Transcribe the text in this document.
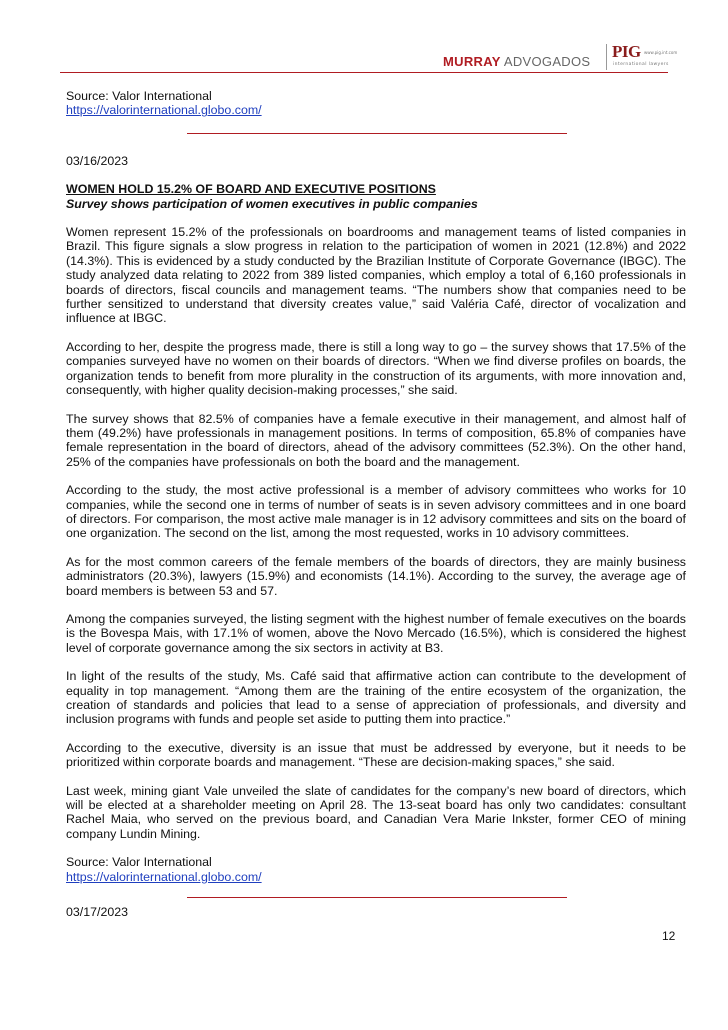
MURRAY ADVOGADOS
PIG www.pig.int.com
international lawyers

Source: Valor International

https://valorinternational.globo.com/

03/16/2023

WOMEN HOLD 15.2% OF BOARD AND EXECUTIVE POSITIONS

Survey shows participation of women executives in public companies

Women represent 15.2% of the professionals on boardrooms and management teams of listed companies in Brazil. This figure signals a slow progress in relation to the participation of women in 2021 (12.8%) and 2022 (14.3%). This is evidenced by a study conducted by the Brazilian Institute of Corporate Governance (IBGC). The study analyzed data relating to 2022 from 389 listed companies, which employ a total of 6,160 professionals in boards of directors, fiscal councils and management teams. “The numbers show that companies need to be further sensitized to understand that diversity creates value,” said Valéria Café, director of vocalization and influence at IBGC.

According to her, despite the progress made, there is still a long way to go – the survey shows that 17.5% of the companies surveyed have no women on their boards of directors. “When we find diverse profiles on boards, the organization tends to benefit from more plurality in the construction of its arguments, with more innovation and, consequently, with higher quality decision-making processes,” she said.

The survey shows that 82.5% of companies have a female executive in their management, and almost half of them (49.2%) have professionals in management positions. In terms of composition, 65.8% of companies have female representation in the board of directors, ahead of the advisory committees (52.3%). On the other hand, 25% of the companies have professionals on both the board and the management.

According to the study, the most active professional is a member of advisory committees who works for 10 companies, while the second one in terms of number of seats is in seven advisory committees and in one board of directors. For comparison, the most active male manager is in 12 advisory committees and sits on the board of one organization. The second on the list, among the most requested, works in 10 advisory committees.

As for the most common careers of the female members of the boards of directors, they are mainly business administrators (20.3%), lawyers (15.9%) and economists (14.1%). According to the survey, the average age of board members is between 53 and 57.

Among the companies surveyed, the listing segment with the highest number of female executives on the boards is the Bovespa Mais, with 17.1% of women, above the Novo Mercado (16.5%), which is considered the highest level of corporate governance among the six sectors in activity at B3.

In light of the results of the study, Ms. Café said that affirmative action can contribute to the development of equality in top management. “Among them are the training of the entire ecosystem of the organization, the creation of standards and policies that lead to a sense of appreciation of professionals, and diversity and inclusion programs with funds and people set aside to putting them into practice.”

According to the executive, diversity is an issue that must be addressed by everyone, but it needs to be prioritized within corporate boards and management. “These are decision-making spaces,” she said.

Last week, mining giant Vale unveiled the slate of candidates for the company’s new board of directors, which will be elected at a shareholder meeting on April 28. The 13-seat board has only two candidates: consultant Rachel Maia, who served on the previous board, and Canadian Vera Marie Inkster, former CEO of mining company Lundin Mining.

Source: Valor International

https://valorinternational.globo.com/

03/17/2023

12
